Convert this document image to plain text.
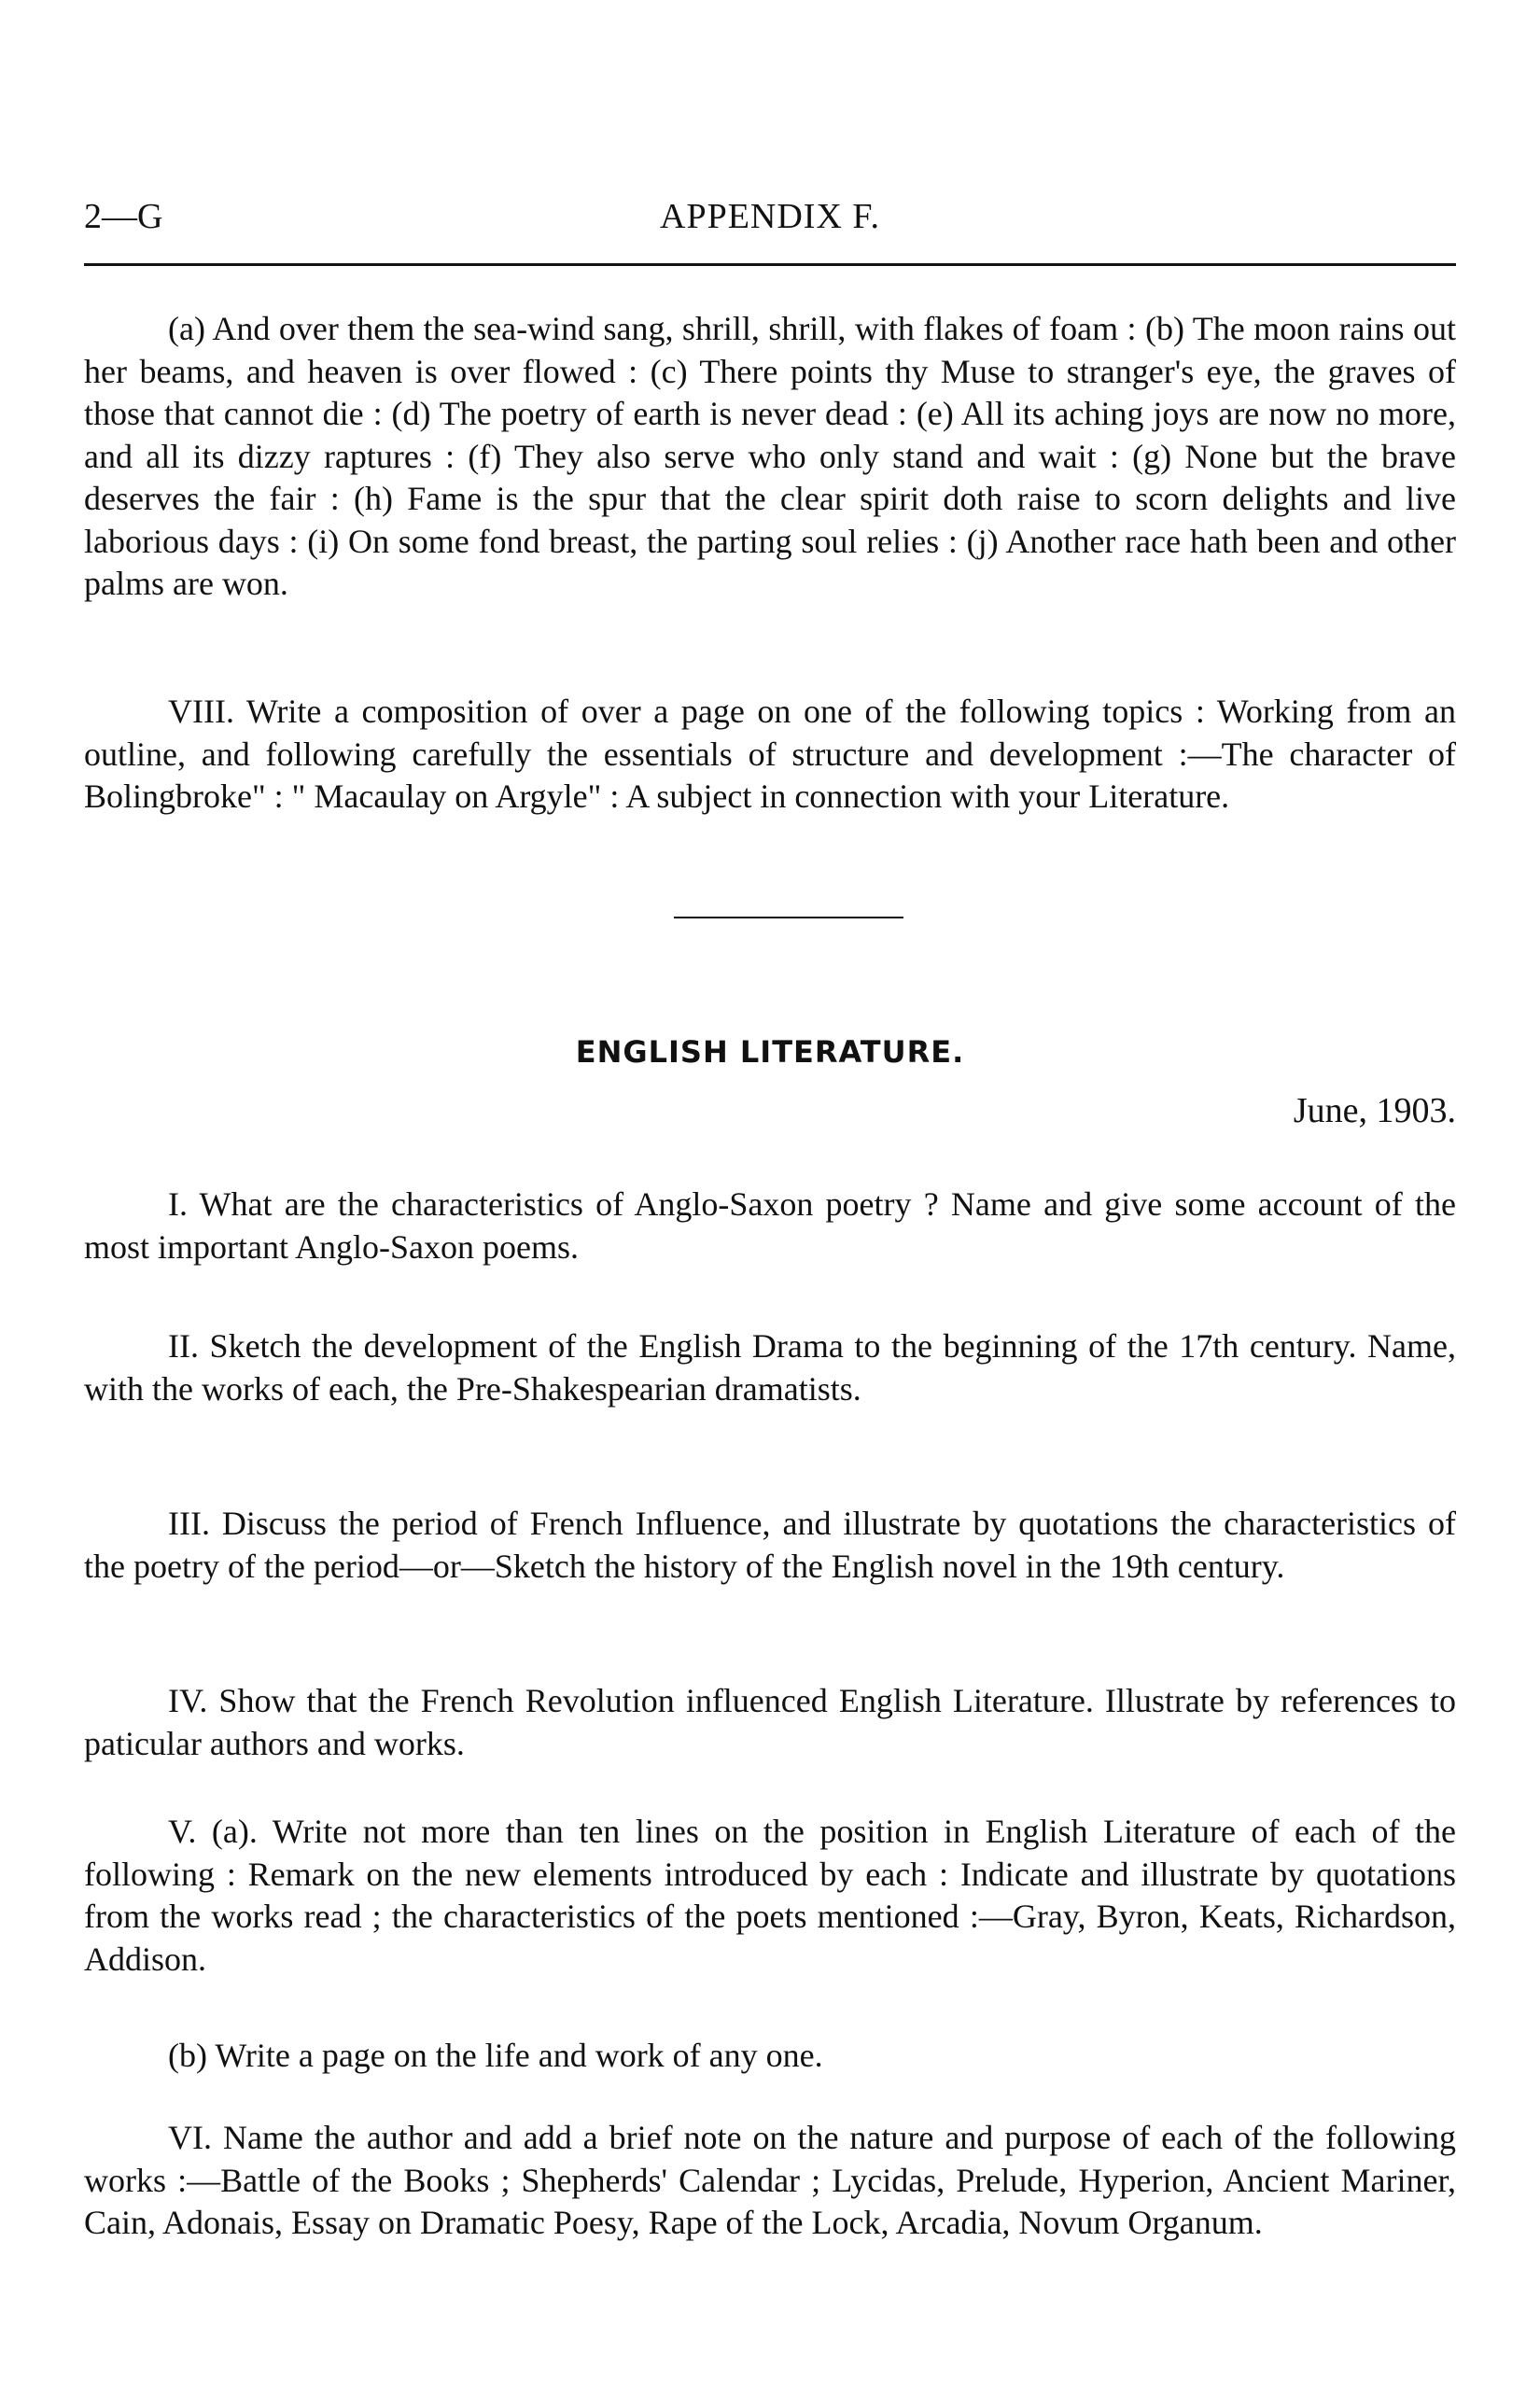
2—G	APPENDIX F.
(a) And over them the sea-wind sang, shrill, shrill, with flakes of foam : (b) The moon rains out her beams, and heaven is over flowed : (c) There points thy Muse to stranger's eye, the graves of those that cannot die : (d) The poetry of earth is never dead : (e) All its aching joys are now no more, and all its dizzy raptures : (f) They also serve who only stand and wait : (g) None but the brave deserves the fair : (h) Fame is the spur that the clear spirit doth raise to scorn delights and live laborious days : (i) On some fond breast, the parting soul relies : (j) Another race hath been and other palms are won.
VIII. Write a composition of over a page on one of the following topics : Working from an outline, and following carefully the essentials of structure and development :—The character of Bolingbroke" : " Macaulay on Argyle" : A subject in connection with your Literature.
ENGLISH LITERATURE.
June, 1903.
I. What are the characteristics of Anglo-Saxon poetry ? Name and give some account of the most important Anglo-Saxon poems.
II. Sketch the development of the English Drama to the beginning of the 17th century. Name, with the works of each, the Pre-Shakespearian dramatists.
III. Discuss the period of French Influence, and illustrate by quotations the characteristics of the poetry of the period—or—Sketch the history of the English novel in the 19th century.
IV. Show that the French Revolution influenced English Literature. Illustrate by references to paticular authors and works.
V. (a). Write not more than ten lines on the position in English Literature of each of the following : Remark on the new elements introduced by each : Indicate and illustrate by quotations from the works read ; the characteristics of the poets mentioned :—Gray, Byron, Keats, Richardson, Addison.
(b) Write a page on the life and work of any one.
VI. Name the author and add a brief note on the nature and purpose of each of the following works :—Battle of the Books ; Shepherds' Calendar ; Lycidas, Prelude, Hyperion, Ancient Mariner, Cain, Adonais, Essay on Dramatic Poesy, Rape of the Lock, Arcadia, Novum Organum.
